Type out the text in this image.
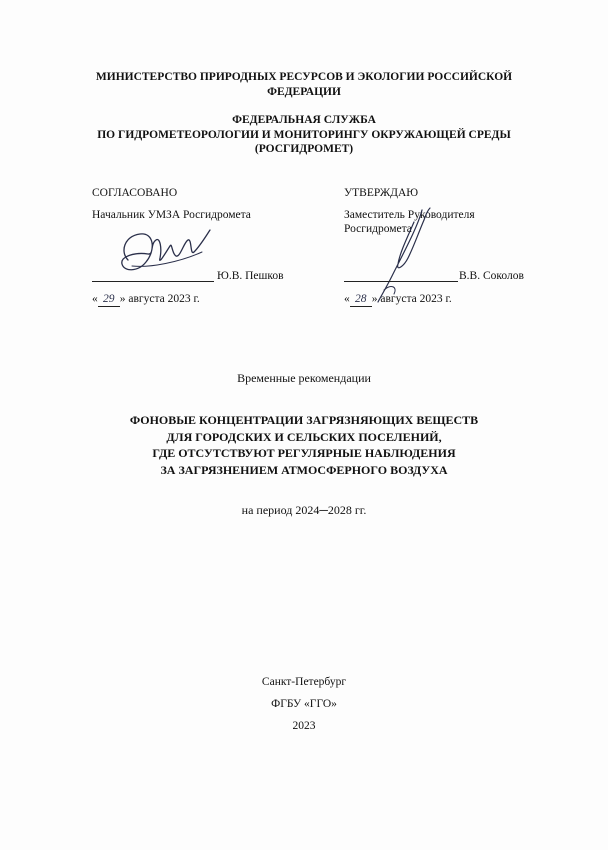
МИНИСТЕРСТВО ПРИРОДНЫХ РЕСУРСОВ И ЭКОЛОГИИ РОССИЙСКОЙ
ФЕДЕРАЦИИ
ФЕДЕРАЛЬНАЯ СЛУЖБА
ПО ГИДРОМЕТЕОРОЛОГИИ И МОНИТОРИНГУ ОКРУЖАЮЩЕЙ СРЕДЫ
(РОСГИДРОМЕТ)
СОГЛАСОВАНО
Начальник УМЗА Росгидромета
Ю.В. Пешков
« 29 » августа 2023 г.
УТВЕРЖДАЮ
Заместитель Руководителя
Росгидромета
В.В. Соколов
« 28 » августа 2023 г.
Временные рекомендации
ФОНОВЫЕ КОНЦЕНТРАЦИИ ЗАГРЯЗНЯЮЩИХ ВЕЩЕСТВ
ДЛЯ ГОРОДСКИХ И СЕЛЬСКИХ ПОСЕЛЕНИЙ,
ГДЕ ОТСУТСТВУЮТ РЕГУЛЯРНЫЕ НАБЛЮДЕНИЯ
ЗА ЗАГРЯЗНЕНИЕМ АТМОСФЕРНОГО ВОЗДУХА
на период 2024─2028 гг.
Санкт-Петербург
ФГБУ «ГГО»
2023
